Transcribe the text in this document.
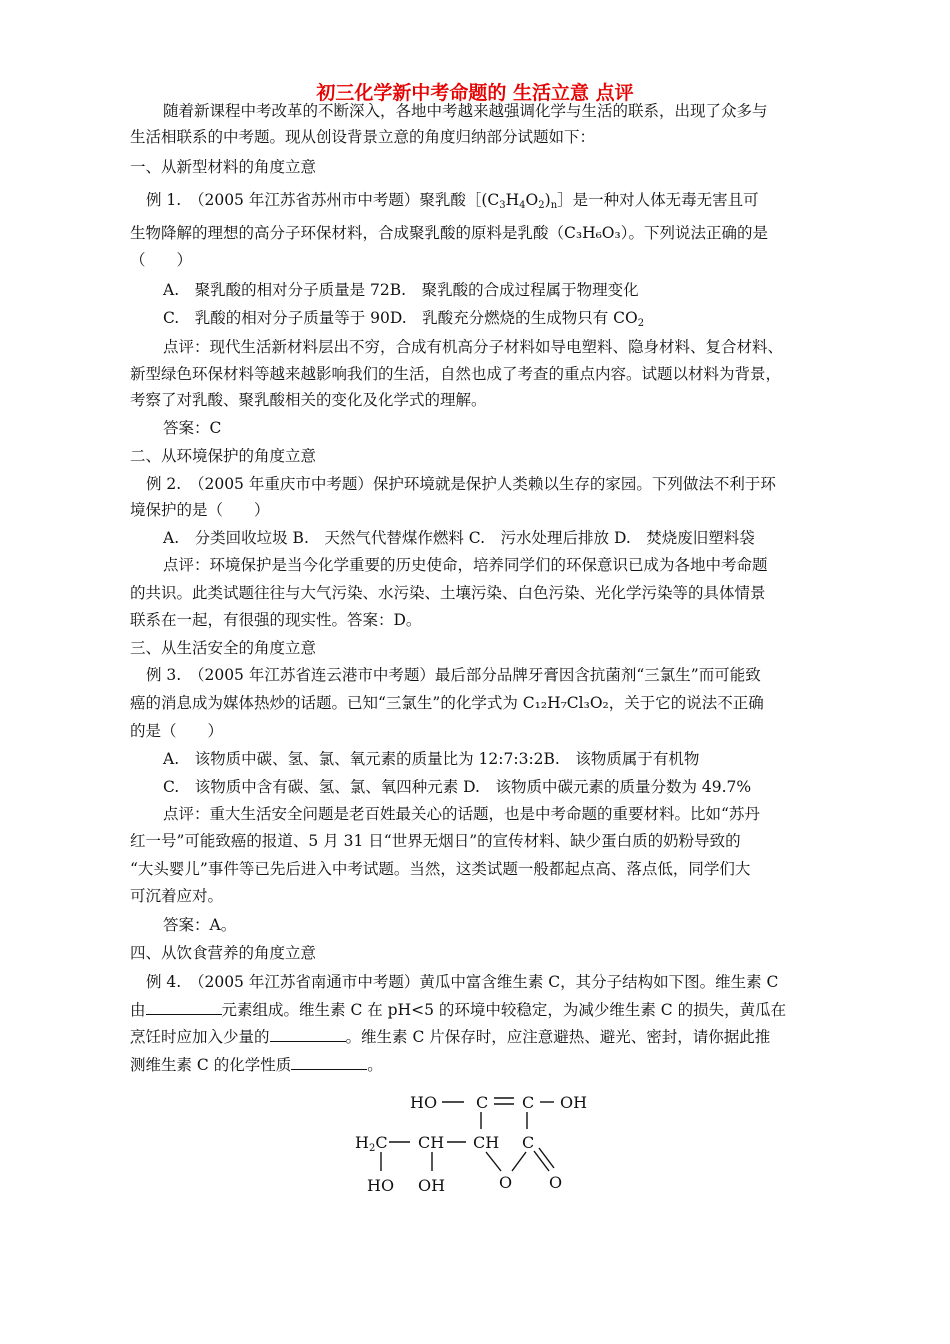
初三化学新中考命题的 生活立意 点评
随着新课程中考改革的不断深入，各地中考越来越强调化学与生活的联系，出现了众多与
生活相联系的中考题。现从创设背景立意的角度归纳部分试题如下：
一、从新型材料的角度立意
例 1.　（2005 年江苏省苏州市中考题）聚乳酸$[(C_3H_4O_2)_n]$是一种对人体无毒无害且可
生物降解的理想的高分子环保材料，合成聚乳酸的原料是乳酸（C₃H₆O₃）。下列说法正确的是
（　　）
A.　聚乳酸的相对分子质量是 72B.　聚乳酸的合成过程属于物理变化
C.　乳酸的相对分子质量等于 90D.　乳酸充分燃烧的生成物只有 $CO_2$
点评：现代生活新材料层出不穷，合成有机高分子材料如导电塑料、隐身材料、复合材料、
新型绿色环保材料等越来越影响我们的生活，自然也成了考查的重点内容。试题以材料为背景，
考察了对乳酸、聚乳酸相关的变化及化学式的理解。
答案：C
二、从环境保护的角度立意
例 2.　（2005 年重庆市中考题）保护环境就是保护人类赖以生存的家园。下列做法不利于环
境保护的是（　　）
A.　分类回收垃圾 B.　天然气代替煤作燃料 C.　污水处理后排放 D.　焚烧废旧塑料袋
点评：环境保护是当今化学重要的历史使命，培养同学们的环保意识已成为各地中考命题
的共识。此类试题往往与大气污染、水污染、土壤污染、白色污染、光化学污染等的具体情景
联系在一起，有很强的现实性。答案：D。
三、从生活安全的角度立意
例 3.　（2005 年江苏省连云港市中考题）最后部分品牌牙膏因含抗菌剂“三氯生”而可能致
癌的消息成为媒体热炒的话题。已知“三氯生”的化学式为 C₁₂H₇Cl₃O₂，关于它的说法不正确
的是（　　）
A.　该物质中碳、氢、氯、氧元素的质量比为 12:7:3:2B.　该物质属于有机物
C.　该物质中含有碳、氢、氯、氧四种元素 D.　该物质中碳元素的质量分数为 49.7%
点评：重大生活安全问题是老百姓最关心的话题，也是中考命题的重要材料。比如“苏丹
红一号”可能致癌的报道、5 月 31 日“世界无烟日”的宣传材料、缺少蛋白质的奶粉导致的
“大头婴儿”事件等已先后进入中考试题。当然，这类试题一般都起点高、落点低，同学们大
可沉着应对。
答案：A。
四、从饮食营养的角度立意
例 4.　（2005 年江苏省南通市中考题）黄瓜中富含维生素 C，其分子结构如下图。维生素 C
由	元素组成。维生素 C 在 pH<5 的环境中较稳定，为减少维生素 C 的损失，黄瓜在
烹饪时应加入少量的	。维生素 C 片保存时，应注意避热、避光、密封，请你据此推
测维生素 C 的化学性质	。
HO C C OH
H2C CH CH C
HO OH	O O
